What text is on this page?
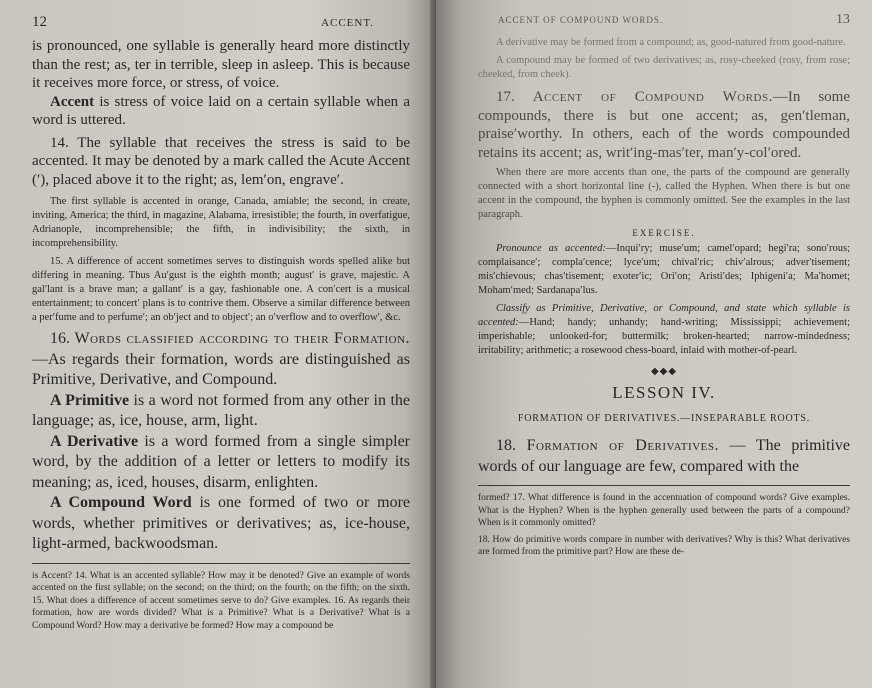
12	ACCENT.

is pronounced, one syllable is generally heard more distinctly than the rest; as, ter in terrible, sleep in asleep. This is because it receives more force, or stress, of voice.

Accent is stress of voice laid on a certain syllable when a word is uttered.

14. The syllable that receives the stress is said to be accented. It may be denoted by a mark called the Acute Accent (′), placed above it to the right; as, lem′on, engrave′.

The first syllable is accented in orange, Canada, amiable; the second, in create, inviting, America; the third, in magazine, Alabama, irresistible; the fourth, in overfatigue, Adrianople, incomprehensible; the fifth, in indivisibility; the sixth, in incomprehensibility.

15. A difference of accent sometimes serves to distinguish words spelled alike but differing in meaning. Thus Au′gust is the eighth month; august′ is grave, majestic. A gal′lant is a brave man; a gallant′ is a gay, fashionable one. A con′cert is a musical entertainment; to concert′ plans is to contrive them. Observe a similar difference between a per′fume and to perfume′; an ob′ject and to object′; an o′verflow and to overflow′, &c.

16. Words classified according to their Formation.—As regards their formation, words are distinguished as Primitive, Derivative, and Compound.

A Primitive is a word not formed from any other in the language; as, ice, house, arm, light.

A Derivative is a word formed from a single simpler word, by the addition of a letter or letters to modify its meaning; as, iced, houses, disarm, enlighten.

A Compound Word is one formed of two or more words, whether primitives or derivatives; as, ice-house, light-armed, backwoodsman.

is Accent? 14. What is an accented syllable? How may it be denoted? Give an example of words accented on the first syllable; on the second; on the third; on the fourth; on the fifth; on the sixth. 15. What does a difference of accent sometimes serve to do? Give examples. 16. As regards their formation, how are words divided? What is a Primitive? What is a Derivative? What is a Compound Word? How may a derivative be formed? How may a compound be

ACCENT OF COMPOUND WORDS.	13

A derivative may be formed from a compound; as, good-natured from good-nature.

A compound may be formed of two derivatives; as, rosy-cheeked (rosy, from rose; cheeked, from cheek).

17. Accent of Compound Words.—In some compounds, there is but one accent; as, gen′tleman, praise′worthy. In others, each of the words compounded retains its accent; as, writ′ing-mas′ter, man′y-col′ored.

When there are more accents than one, the parts of the compound are generally connected with a short horizontal line (-), called the Hyphen. When there is but one accent in the compound, the hyphen is commonly omitted. See the examples in the last paragraph.

EXERCISE.

Pronounce as accented:—Inqui′ry; muse′um; camel′opard; hegi′ra; sono′rous; complaisance′; compla′cence; lyce′um; chival′ric; chiv′alrous; adver′tisement; mis′chievous; chas′tisement; exoter′ic; Ori′on; Aristi′des; Iphigeni′a; Ma′homet; Moham′med; Sardanapa′lus.

Classify as Primitive, Derivative, or Compound, and state which syllable is accented:—Hand; handy; unhandy; hand-writing; Mississippi; achievement; imperishable; unlooked-for; buttermilk; broken-hearted; narrow-mindedness; irritability; arithmetic; a rosewood chess-board, inlaid with mother-of-pearl.

◆◆◆

LESSON IV.

FORMATION OF DERIVATIVES.—INSEPARABLE ROOTS.

18. Formation of Derivatives. — The primitive words of our language are few, compared with the

formed? 17. What difference is found in the accentuation of compound words? Give examples. What is the Hyphen? When is the hyphen generally used between the parts of a compound? When is it commonly omitted?

18. How do primitive words compare in number with derivatives? Why is this? What derivatives are formed from the primitive part? How are these de-
